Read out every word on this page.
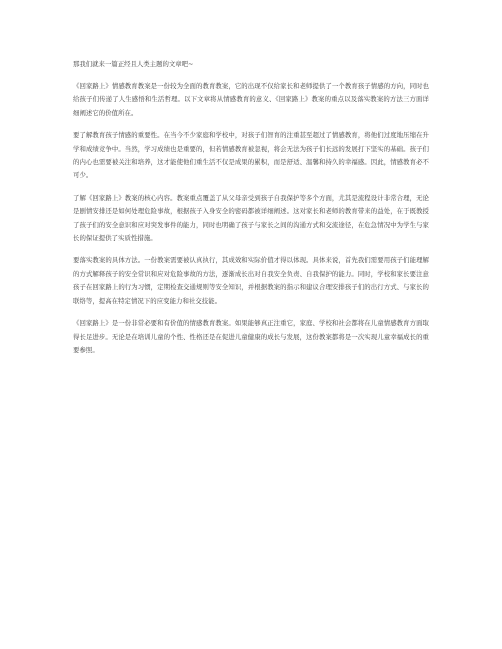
那我们就来一篇正经且人类主题的文章吧~

《回家路上》情感教育教案是一份较为全面的教育教案，它的出现不仅给家长和老师提供了一个教育孩子情感的方向，同时也给孩子们传递了人生感悟和生活哲理。以下文章将从情感教育的意义、《回家路上》教案的重点以及落实教案的方法三方面详细阐述它的价值所在。

要了解教育孩子情感的重要性。在当今不少家庭和学校中，对孩子们智育的注重甚至超过了情感教育，将他们过度地压缩在升学和成绩竞争中。当然，学习成绩也是重要的，但若情感教育被忽视，将会无法为孩子们长远的发展打下坚实的基础。孩子们的内心也需要被关注和培养，这才能使他们重生活不仅是成果的累积，而是舒适、温馨和持久的幸福感。因此，情感教育必不可少。

了解《回家路上》教案的核心内容。教案重点覆盖了从父母亲受到孩子自我保护等多个方面，尤其是流程设计非常合理，无论是剧情安排还是如何处理危险事故，根据孩子入身安全的密码都被详细阐述。这对家长和老师的教育带来的益处，在于既教授了孩子们的安全意识和应对突发事件的能力，同时也明确了孩子与家长之间的沟通方式和交流途径，在危急情况中为学生与家长的保证提供了实质性措施。

要落实教案的具体方法。一份教案需要被认真执行，其成效和实际价值才得以体现。具体来说，首先我们需要用孩子们能理解的方式解释孩子的安全常识和应对危险事故的方法，逐渐成长出对自我安全负责、自我保护的能力。同时，学校和家长要注意孩子在回家路上的行为习惯，定期检查交通规则等安全知识，并根据教案的指示和建议合理安排孩子们的出行方式、与家长的联络等，提高在特定情况下的应变能力和社交技能。

《回家路上》是一份非常必要和有价值的情感教育教案。如果能够真正注重它，家庭、学校和社会都将在儿童情感教育方面取得长足进步。无论是在培训儿童的个性、性格还是在促进儿童健康的成长与发展，这份教案都将是一次实现儿童幸福成长的重要参照。
